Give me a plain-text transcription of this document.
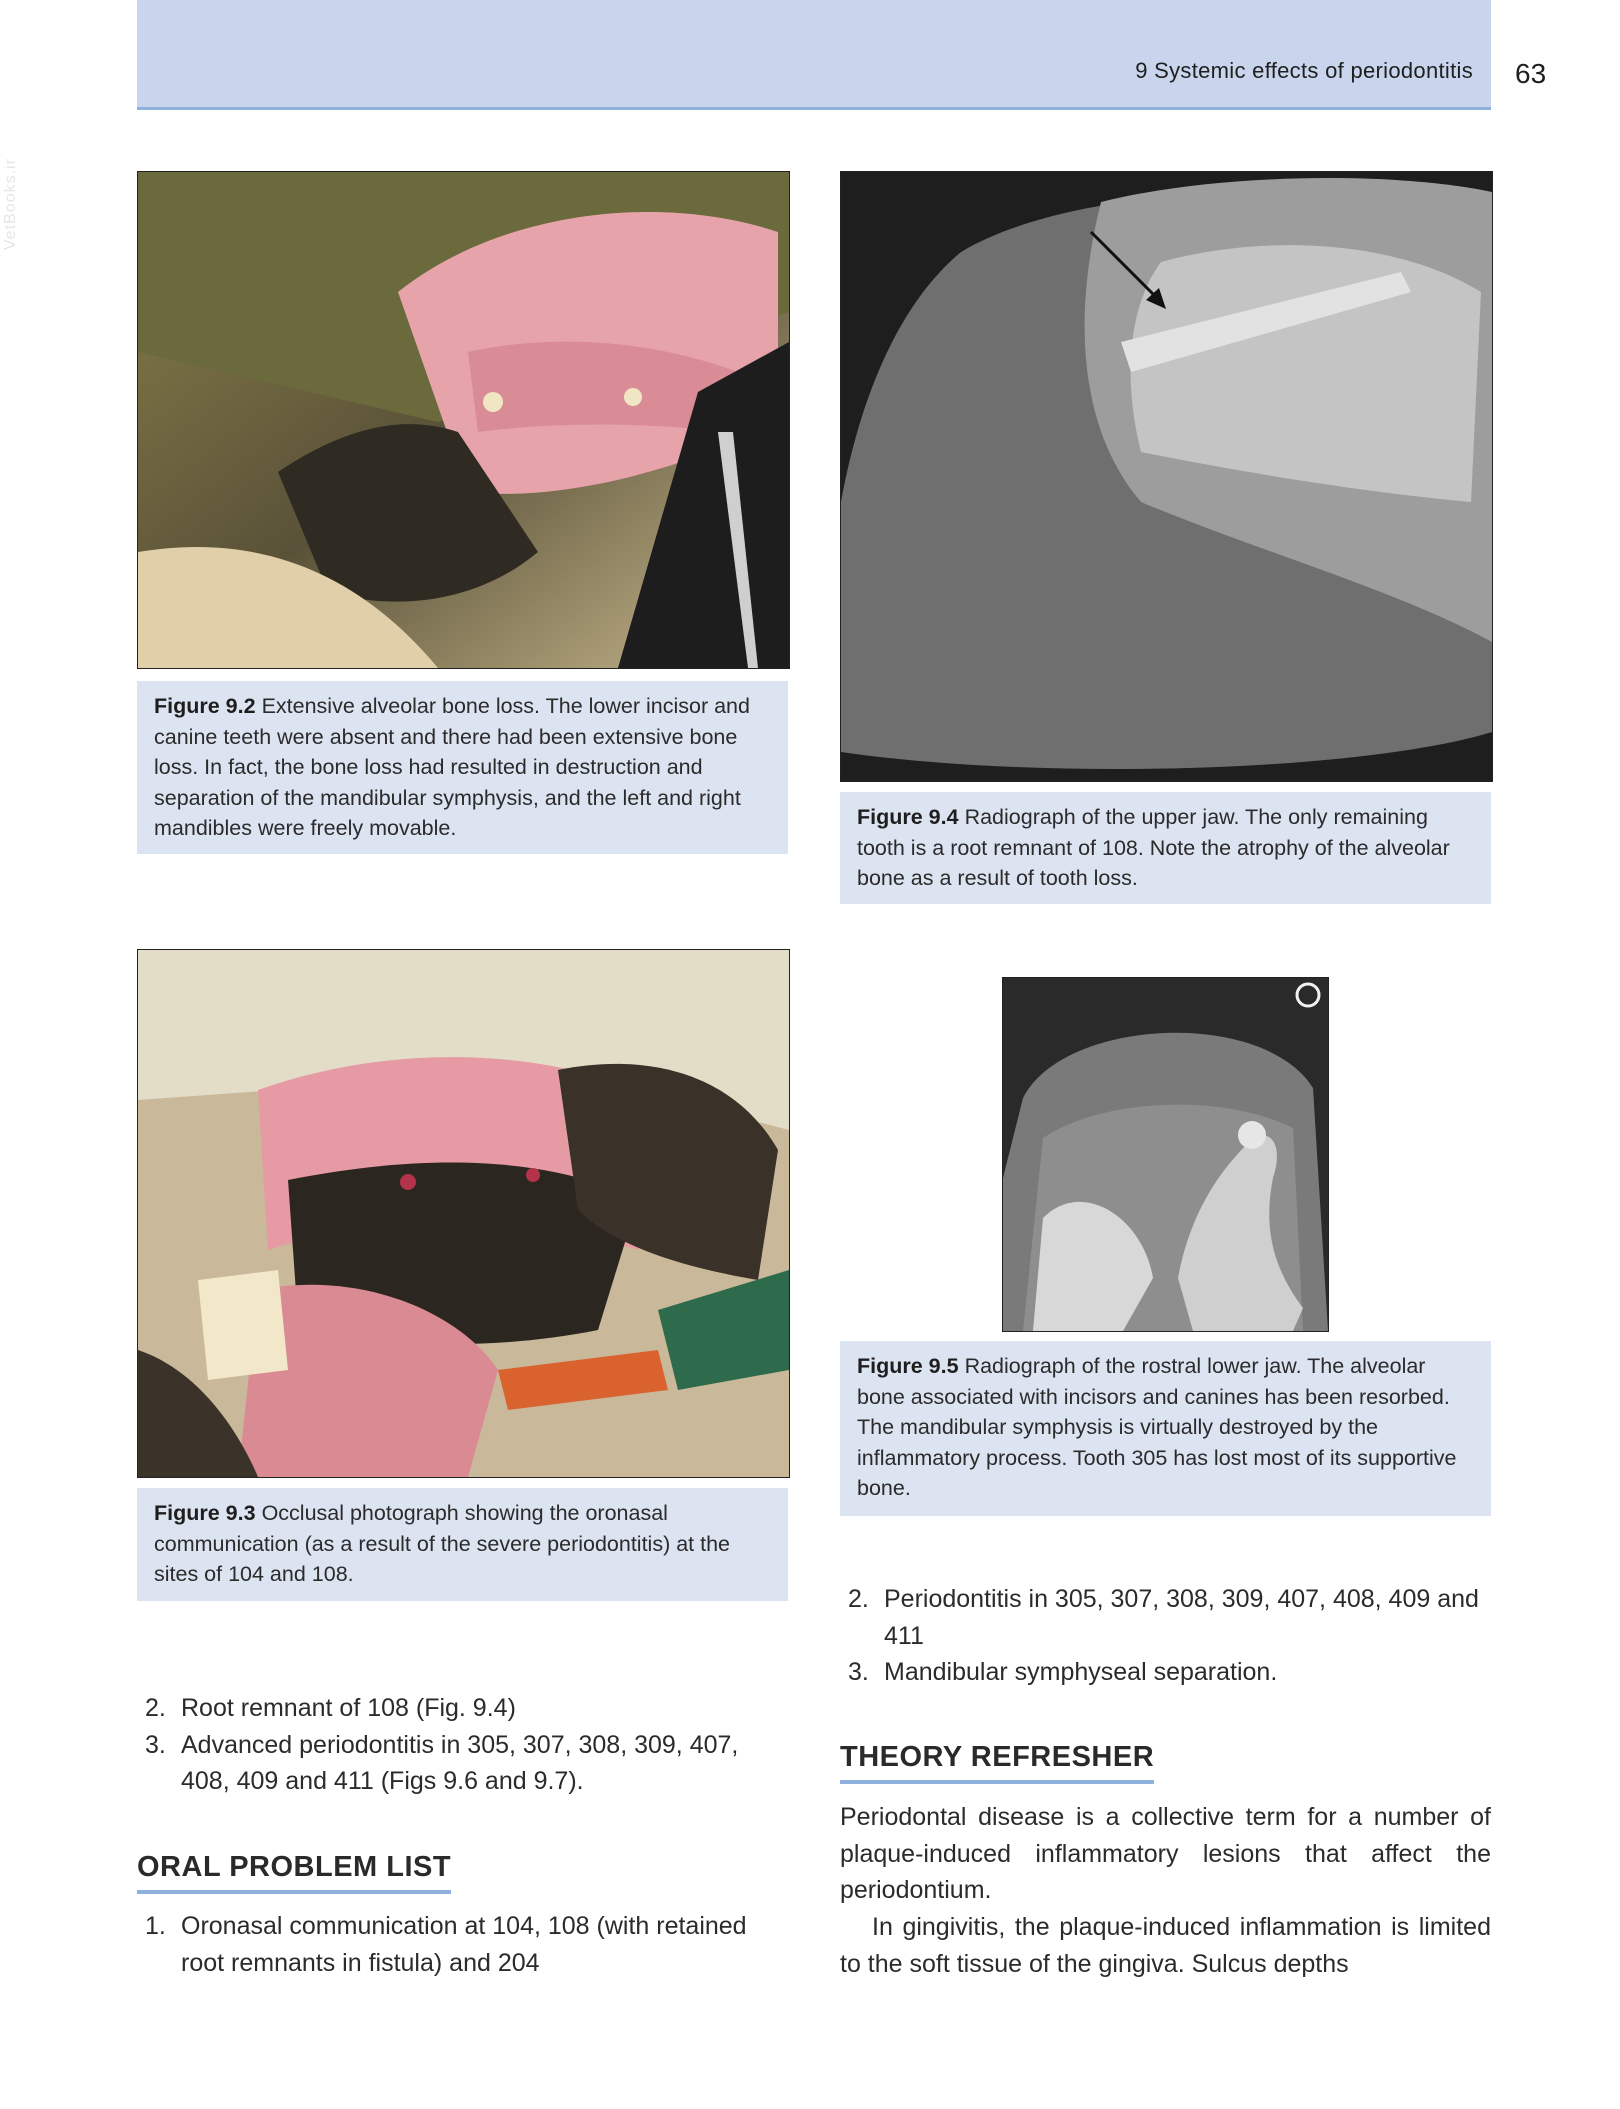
9 Systemic effects of periodontitis	63
VetBooks.ir
Figure 9.2 Extensive alveolar bone loss. The lower incisor and canine teeth were absent and there had been extensive bone loss. In fact, the bone loss had resulted in destruction and separation of the mandibular symphysis, and the left and right mandibles were freely movable.	Figure 9.4 Radiograph of the upper jaw. The only remaining tooth is a root remnant of 108. Note the atrophy of the alveolar bone as a result of tooth loss.
Figure 9.3 Occlusal photograph showing the oronasal communication (as a result of the severe periodontitis) at the sites of 104 and 108.
Figure 9.5 Radiograph of the rostral lower jaw. The alveolar bone associated with incisors and canines has been resorbed. The mandibular symphysis is virtually destroyed by the inflammatory process. Tooth 305 has lost most of its supportive bone.
2. Root remnant of 108 (Fig. 9.4)
3. Advanced periodontitis in 305, 307, 308, 309, 407, 408, 409 and 411 (Figs 9.6 and 9.7).
ORAL PROBLEM LIST
1. Oronasal communication at 104, 108 (with retained root remnants in fistula) and 204
2. Periodontitis in 305, 307, 308, 309, 407, 408, 409 and 411
3. Mandibular symphyseal separation.
THEORY REFRESHER

Periodontal disease is a collective term for a number of plaque-induced inflammatory lesions that affect the periodontium.

In gingivitis, the plaque-induced inflammation is limited to the soft tissue of the gingiva. Sulcus depths
